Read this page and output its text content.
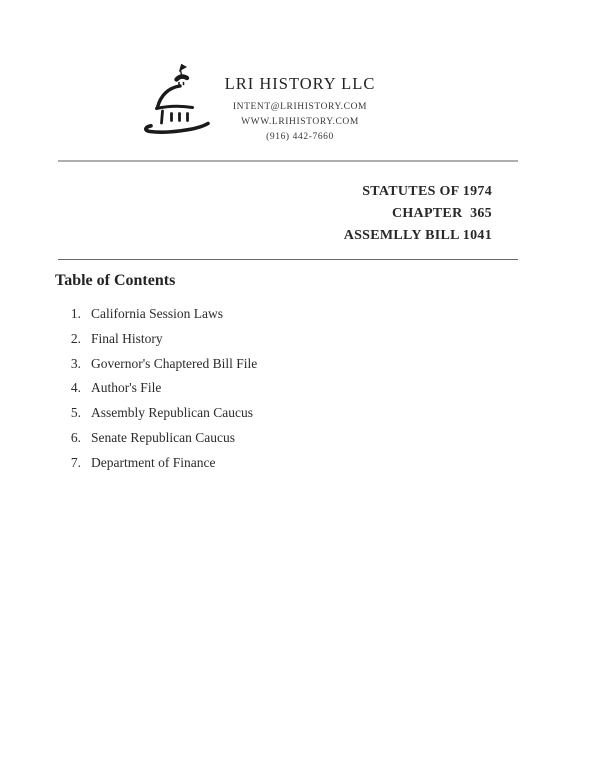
LRI HISTORY LLC
INTENT@LRIHISTORY.COM
WWW.LRIHISTORY.COM
(916) 442-7660
STATUTES OF 1974
CHAPTER  365
ASSEMLLY BILL 1041
Table of Contents
1. California Session Laws
2. Final History
3. Governor's Chaptered Bill File
4. Author's File
5. Assembly Republican Caucus
6. Senate Republican Caucus
7. Department of Finance
